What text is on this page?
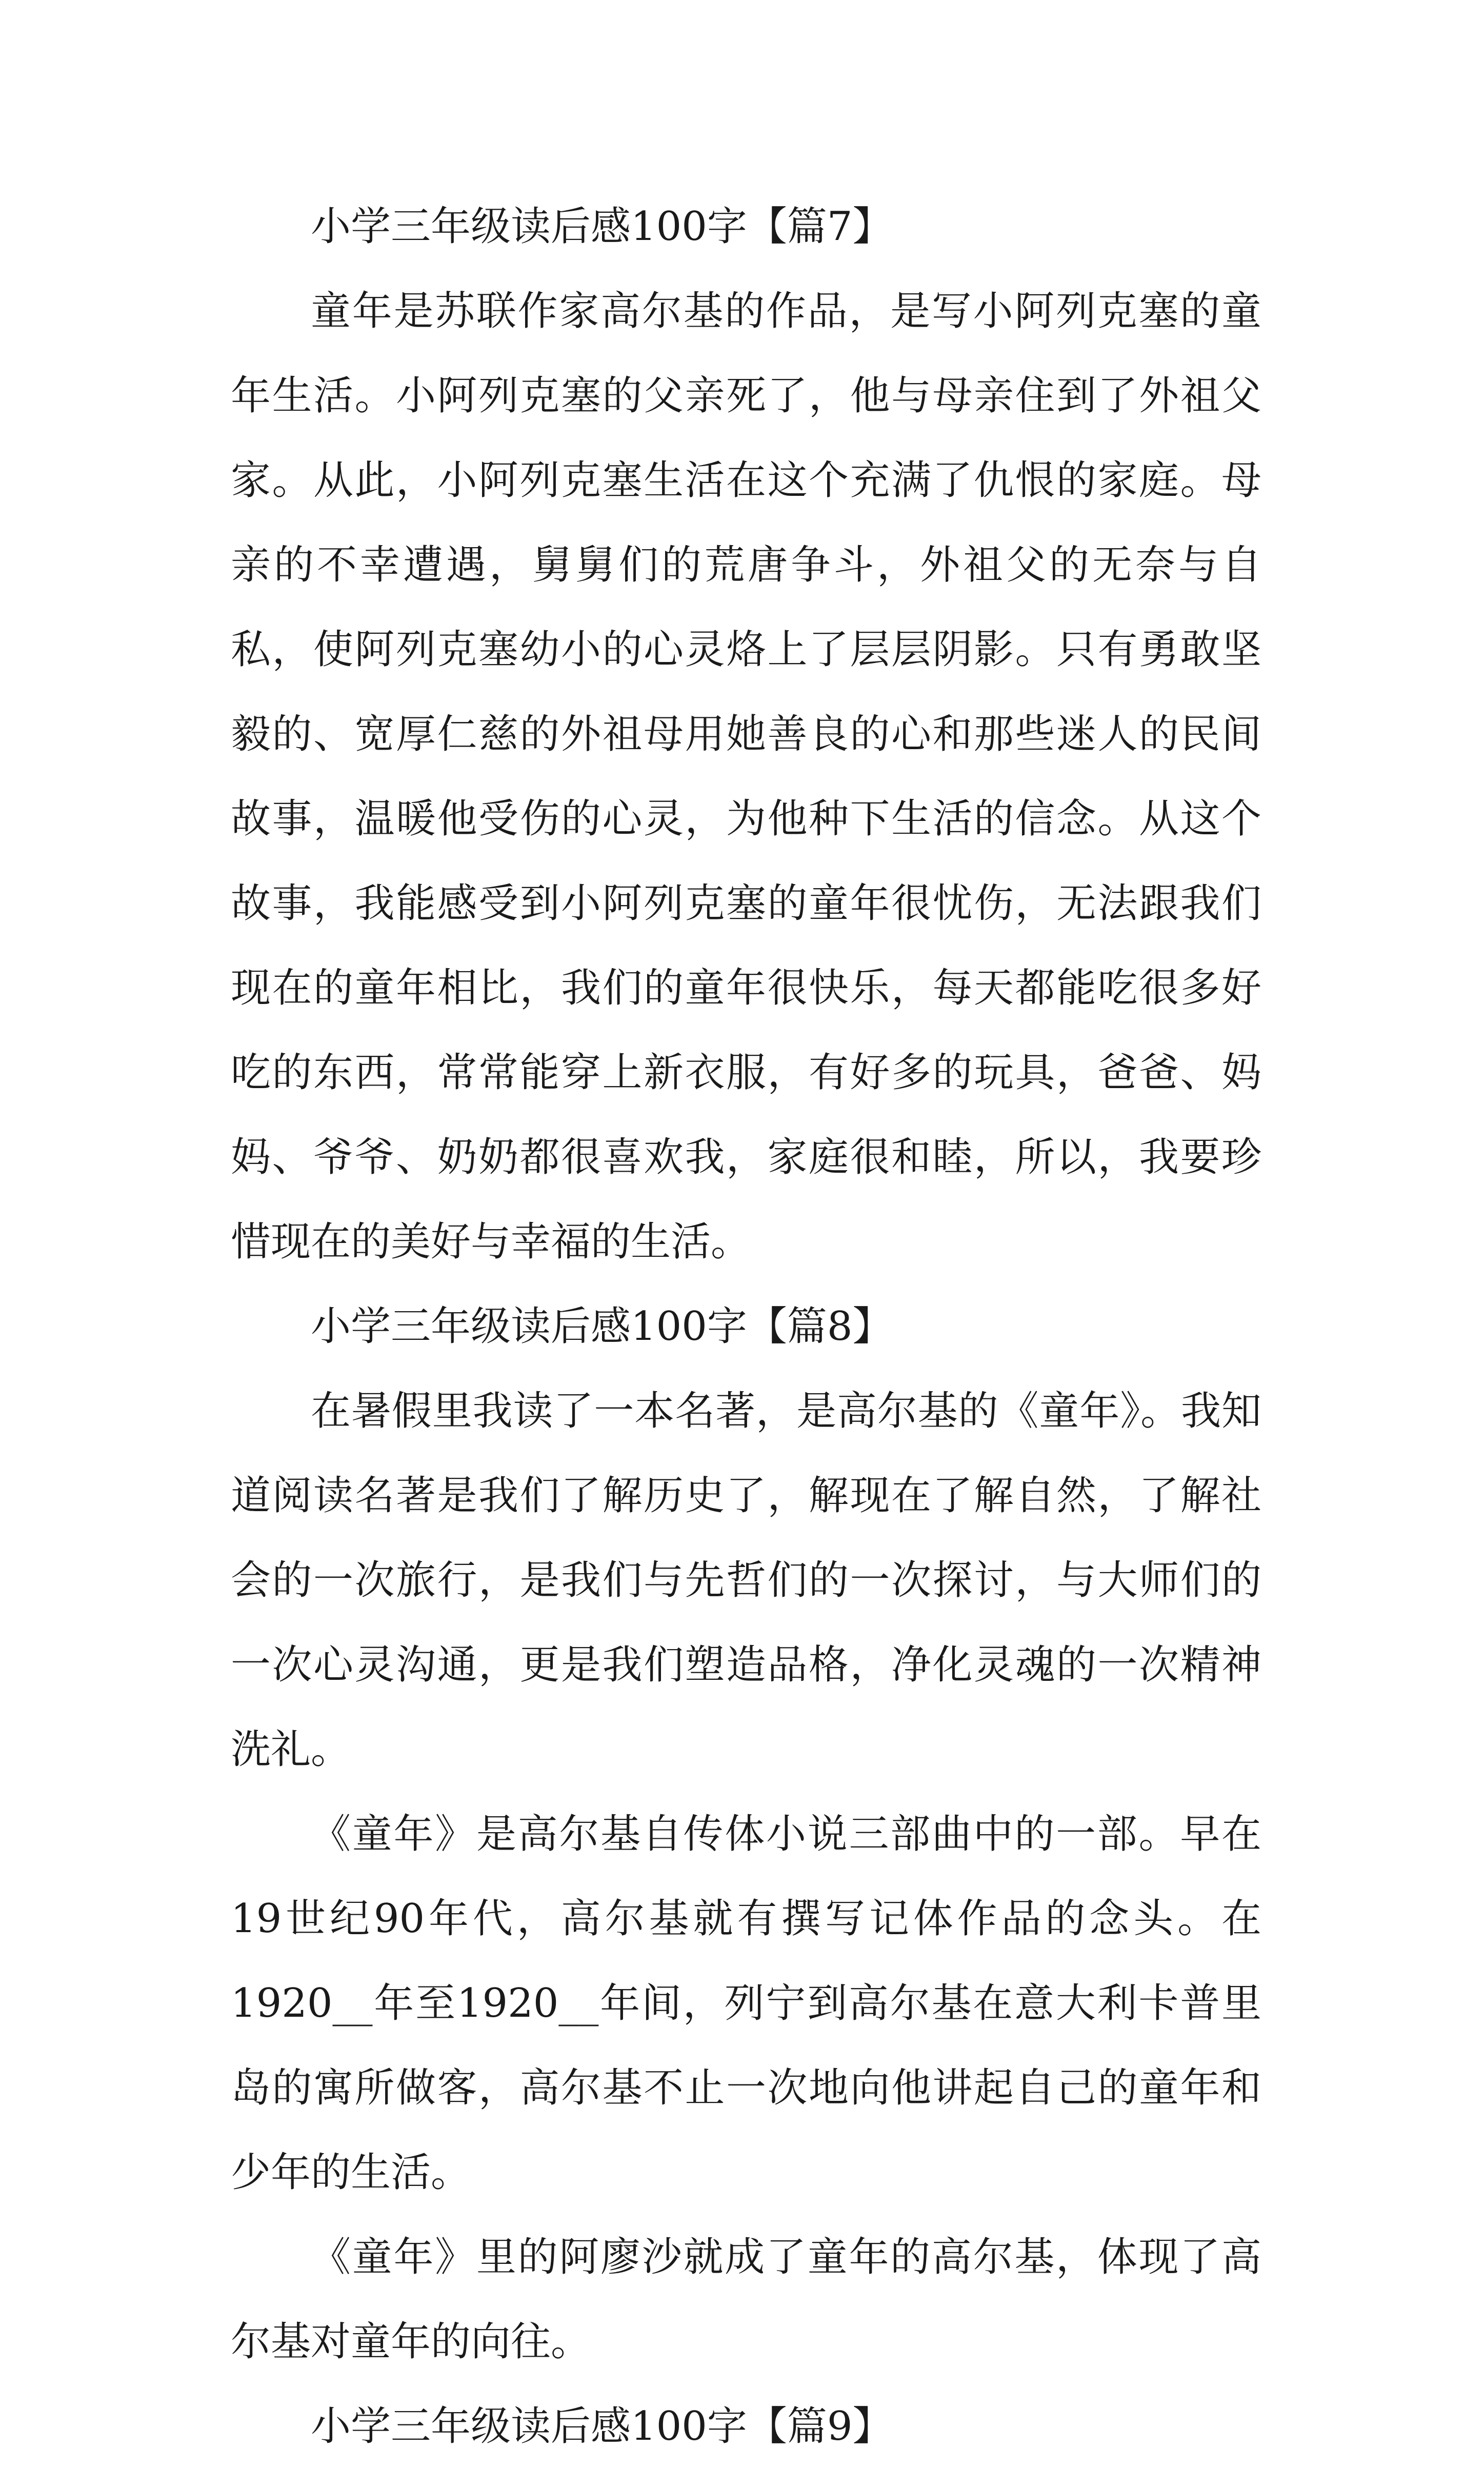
小学三年级读后感100字【篇7】

童年是苏联作家高尔基的作品，是写小阿列克塞的童年生活。小阿列克塞的父亲死了，他与母亲住到了外祖父家。从此，小阿列克塞生活在这个充满了仇恨的家庭。母亲的不幸遭遇，舅舅们的荒唐争斗，外祖父的无奈与自私，使阿列克塞幼小的心灵烙上了层层阴影。只有勇敢坚毅的、宽厚仁慈的外祖母用她善良的心和那些迷人的民间故事，温暖他受伤的心灵，为他种下生活的信念。从这个故事，我能感受到小阿列克塞的童年很忧伤，无法跟我们现在的童年相比，我们的童年很快乐，每天都能吃很多好吃的东西，常常能穿上新衣服，有好多的玩具，爸爸、妈妈、爷爷、奶奶都很喜欢我，家庭很和睦，所以，我要珍惜现在的美好与幸福的生活。

小学三年级读后感100字【篇8】

在暑假里我读了一本名著，是高尔基的《童年》。我知道阅读名著是我们了解历史了，解现在了解自然，了解社会的一次旅行，是我们与先哲们的一次探讨，与大师们的一次心灵沟通，更是我们塑造品格，净化灵魂的一次精神洗礼。

《童年》是高尔基自传体小说三部曲中的一部。早在19世纪90年代，高尔基就有撰写记体作品的念头。在1920__年至1920__年间，列宁到高尔基在意大利卡普里岛的寓所做客，高尔基不止一次地向他讲起自己的童年和少年的生活。

《童年》里的阿廖沙就成了童年的高尔基，体现了高尔基对童年的向往。

小学三年级读后感100字【篇9】
